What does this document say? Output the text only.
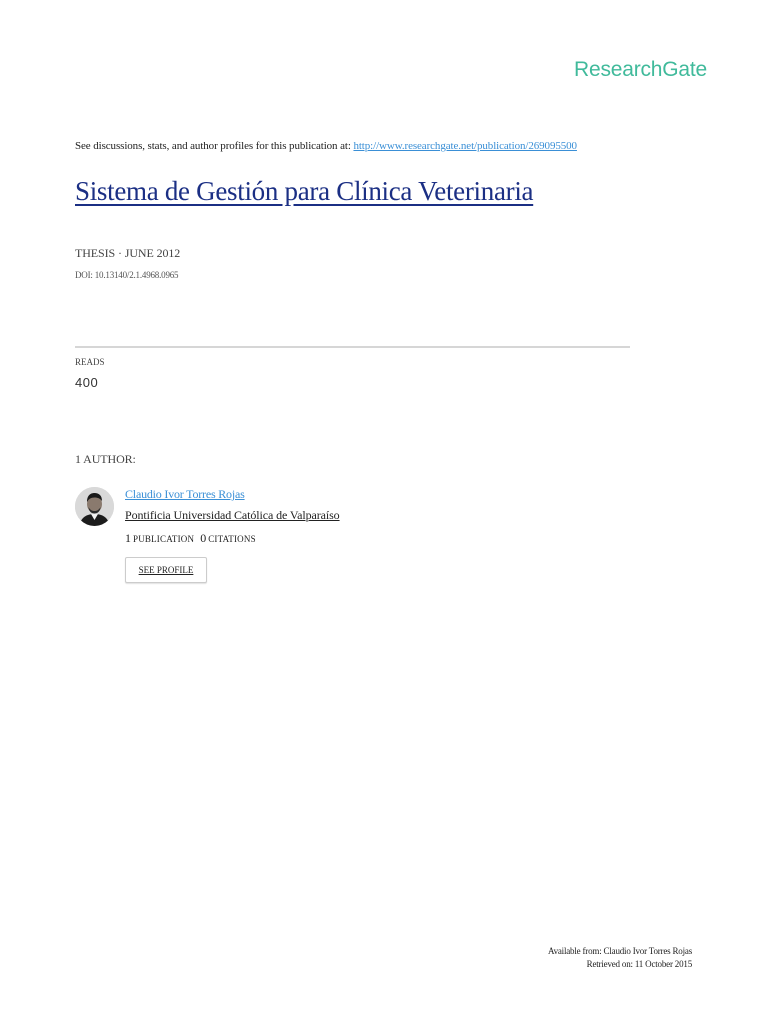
ResearchGate
See discussions, stats, and author profiles for this publication at: http://www.researchgate.net/publication/269095500
Sistema de Gestión para Clínica Veterinaria
THESIS · JUNE 2012
DOI: 10.13140/2.1.4968.0965
READS
400
1 AUTHOR:
Claudio Ivor Torres Rojas
Pontificia Universidad Católica de Valparaíso
1 PUBLICATION 0 CITATIONS
SEE PROFILE
Available from: Claudio Ivor Torres Rojas
Retrieved on: 11 October 2015
